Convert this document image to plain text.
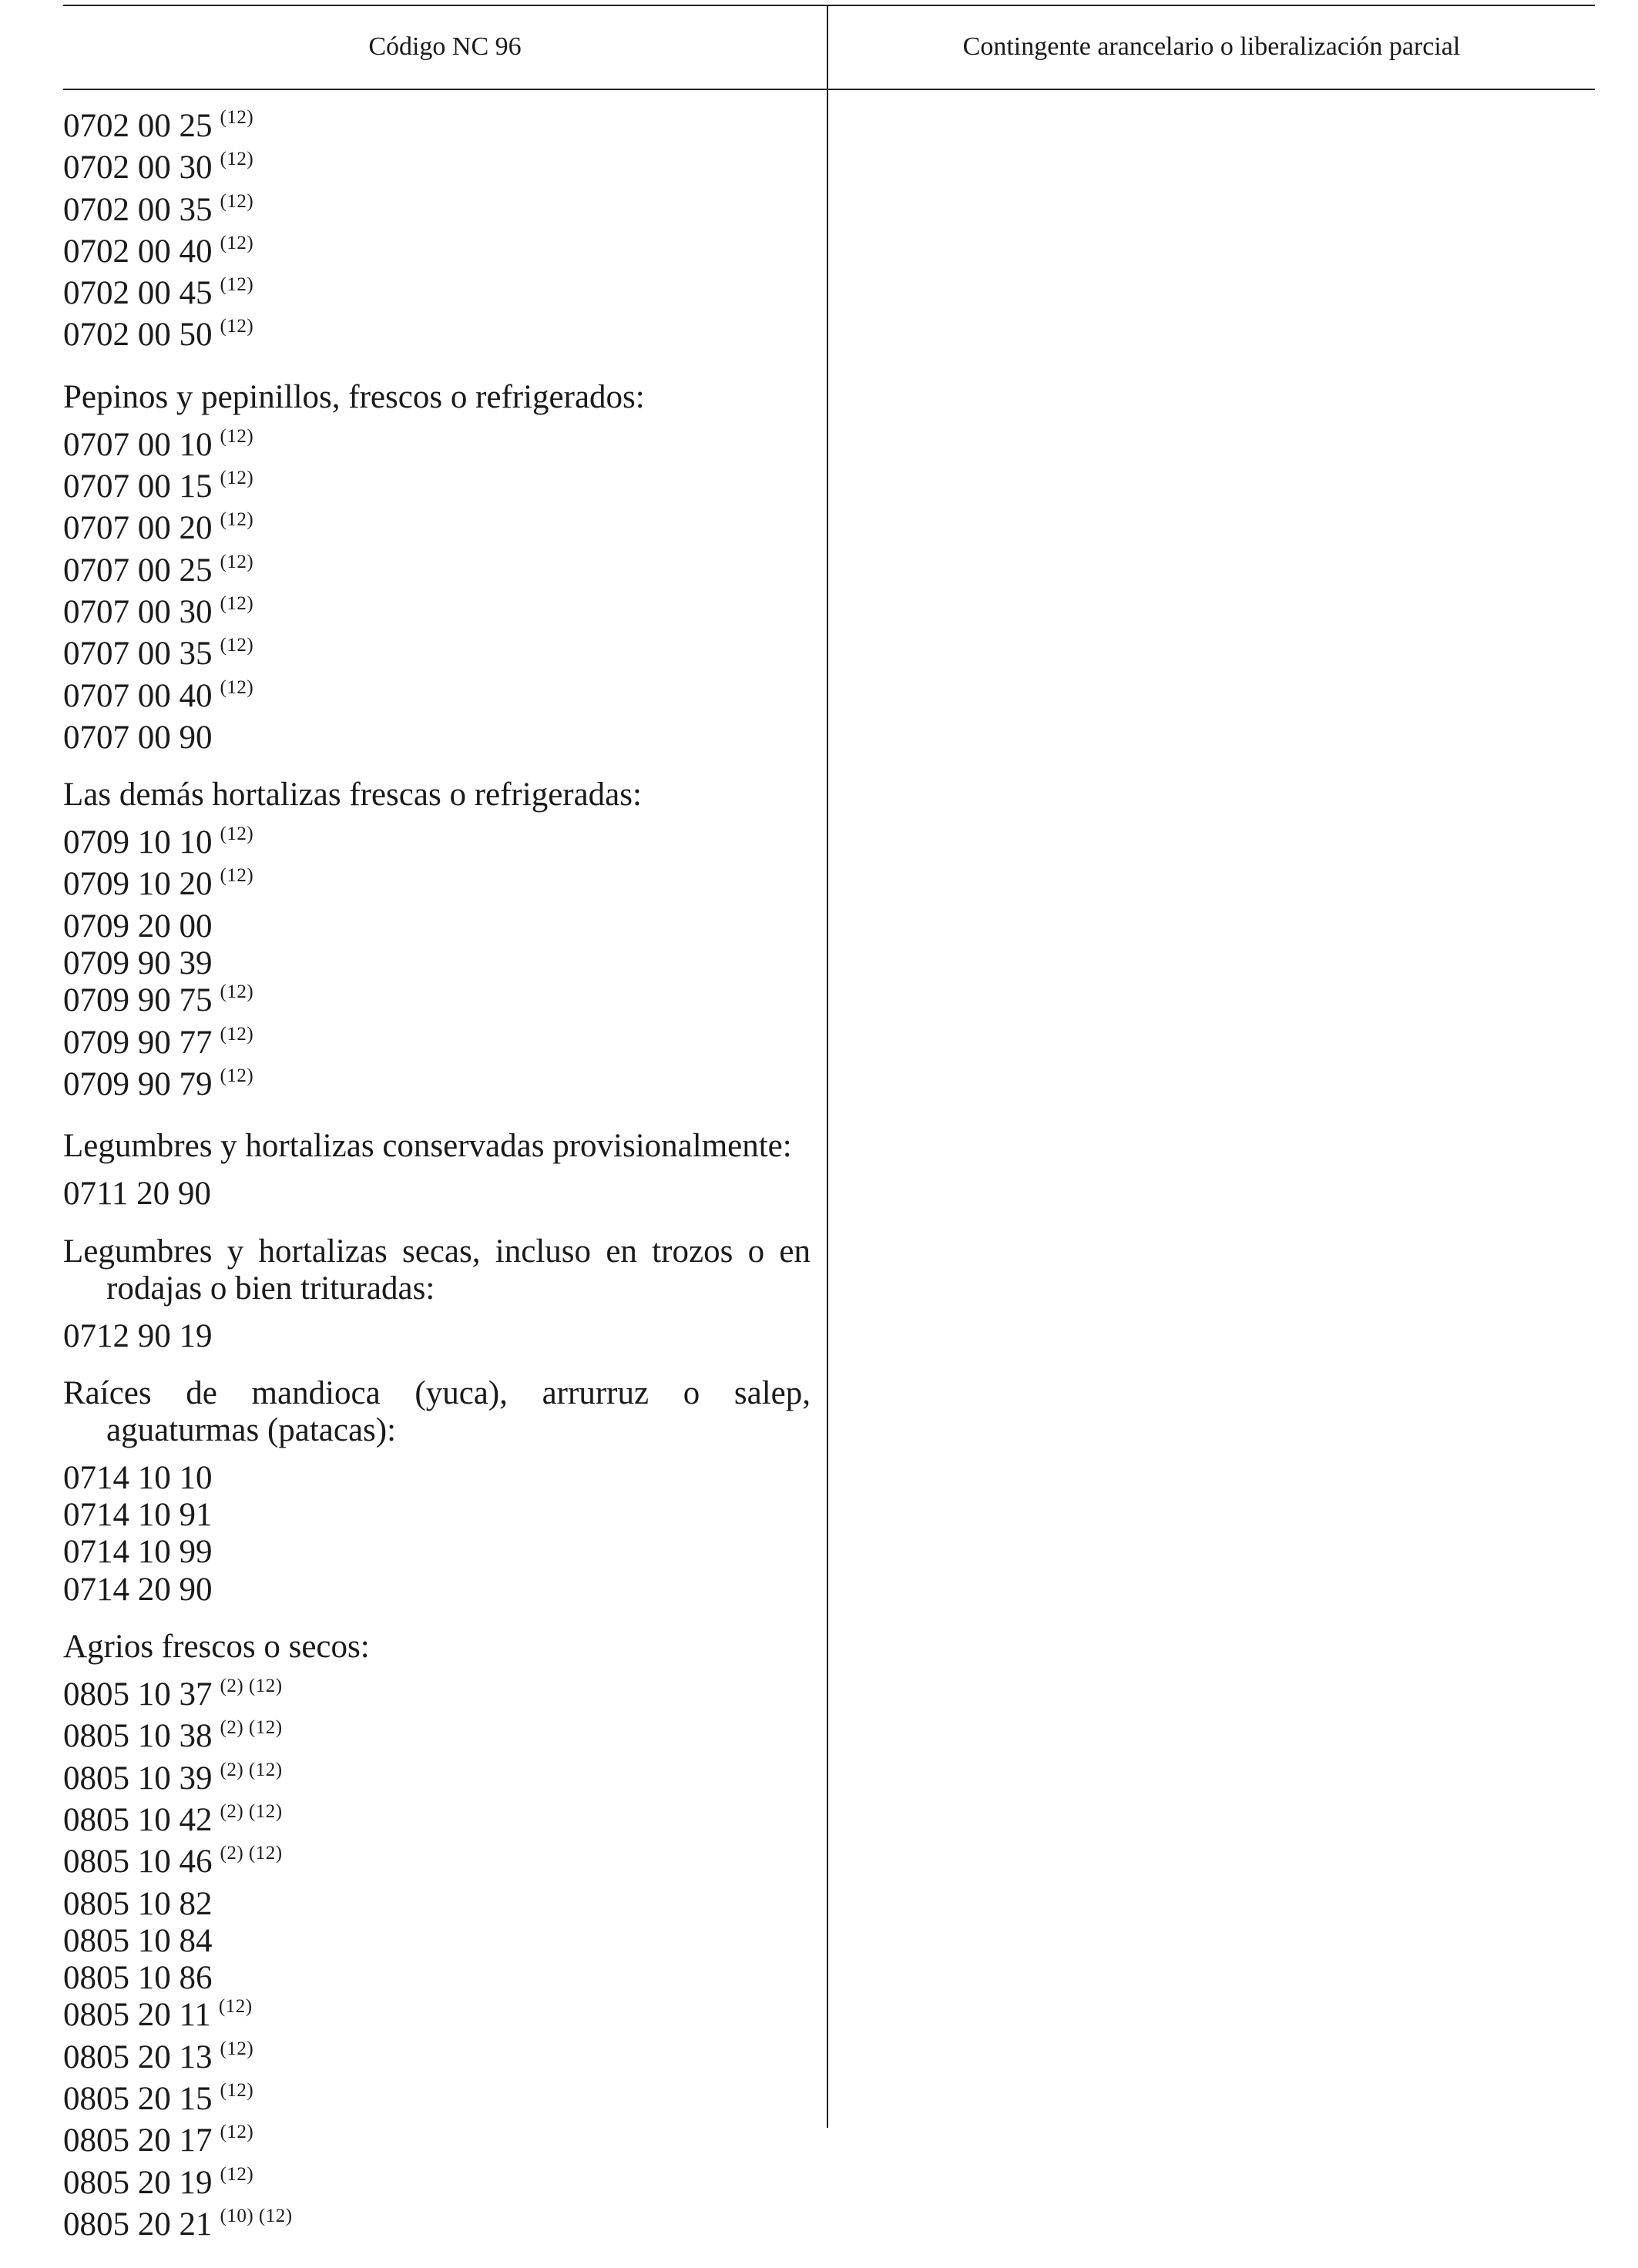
Código NC 96	Contingente arancelario o liberalización parcial
0702 00 25 $^{(12)}$
0702 00 30 $^{(12)}$
0702 00 35 $^{(12)}$
0702 00 40 $^{(12)}$
0702 00 45 $^{(12)}$
0702 00 50 $^{(12)}$

Pepinos y pepinillos, frescos o refrigerados:

0707 00 10 $^{(12)}$
0707 00 15 $^{(12)}$
0707 00 20 $^{(12)}$
0707 00 25 $^{(12)}$
0707 00 30 $^{(12)}$
0707 00 35 $^{(12)}$
0707 00 40 $^{(12)}$
0707 00 90

Las demás hortalizas frescas o refrigeradas:

0709 10 10 $^{(12)}$
0709 10 20 $^{(12)}$
0709 20 00
0709 90 39
0709 90 75 $^{(12)}$
0709 90 77 $^{(12)}$
0709 90 79 $^{(12)}$

Legumbres y hortalizas conservadas provisionalmente:

0711 20 90

Legumbres y hortalizas secas, incluso en trozos o en rodajas o bien trituradas:

0712 90 19

Raíces de mandioca (yuca), arrurruz o salep, aguaturmas (patacas):

0714 10 10
0714 10 91
0714 10 99
0714 20 90

Agrios frescos o secos:

0805 10 37 $^{(2) (12)}$
0805 10 38 $^{(2) (12)}$
0805 10 39 $^{(2) (12)}$
0805 10 42 $^{(2) (12)}$
0805 10 46 $^{(2) (12)}$
0805 10 82
0805 10 84
0805 10 86
0805 20 11 $^{(12)}$
0805 20 13 $^{(12)}$
0805 20 15 $^{(12)}$
0805 20 17 $^{(12)}$
0805 20 19 $^{(12)}$
0805 20 21 $^{(10) (12)}$
